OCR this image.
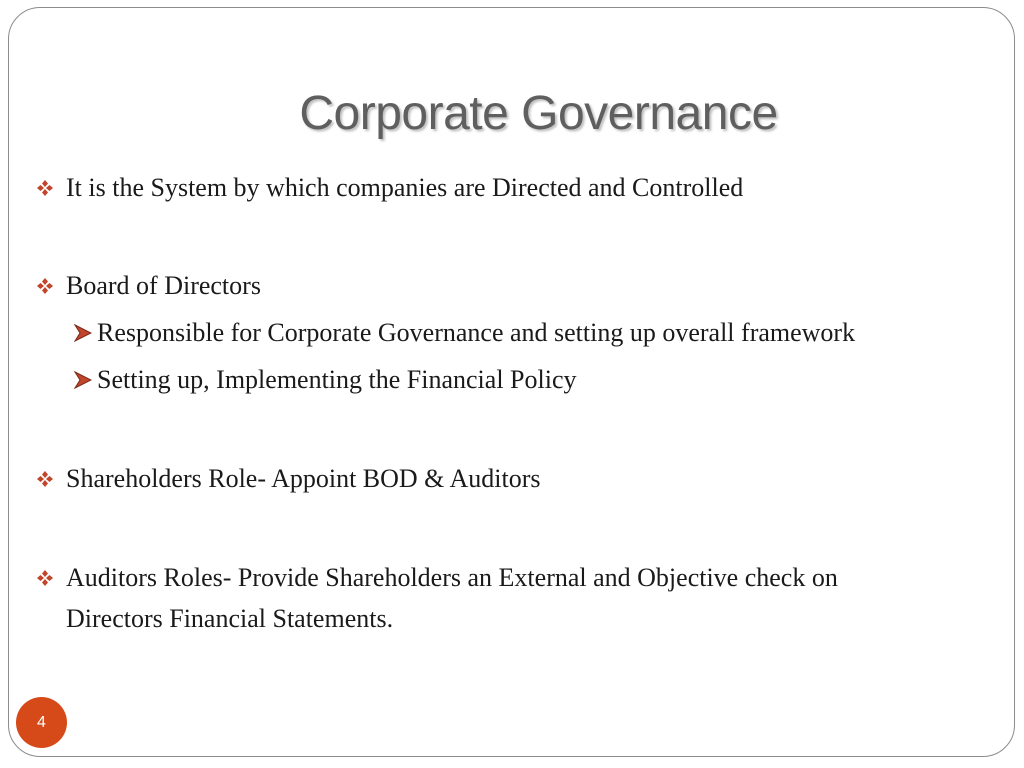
Corporate Governance
It is the System by which companies are Directed and Controlled
Board of Directors
Responsible for Corporate Governance and setting up overall framework
Setting up, Implementing the Financial Policy
Shareholders Role- Appoint BOD & Auditors
Auditors Roles- Provide Shareholders an External and Objective check on
Directors Financial Statements.
4
